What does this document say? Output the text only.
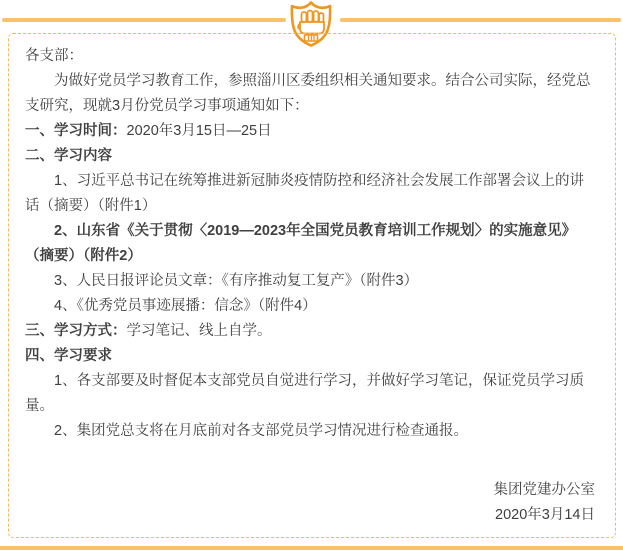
各支部：

为做好党员学习教育工作，参照淄川区委组织相关通知要求。结合公司实际，经党总支研究，现就3月份党员学习事项通知如下：

一、学习时间：2020年3月15日—25日

二、学习内容

1、习近平总书记在统筹推进新冠肺炎疫情防控和经济社会发展工作部署会议上的讲话（摘要）（附件1）

2、山东省《关于贯彻〈2019—2023年全国党员教育培训工作规划〉的实施意见》（摘要）（附件2）

3、人民日报评论员文章：《有序推动复工复产》（附件3）

4、《优秀党员事迹展播：信念》（附件4）

三、学习方式：学习笔记、线上自学。

四、学习要求

1、各支部要及时督促本支部党员自觉进行学习，并做好学习笔记，保证党员学习质量。

2、集团党总支将在月底前对各支部党员学习情况进行检查通报。

集团党建办公室

2020年3月14日
